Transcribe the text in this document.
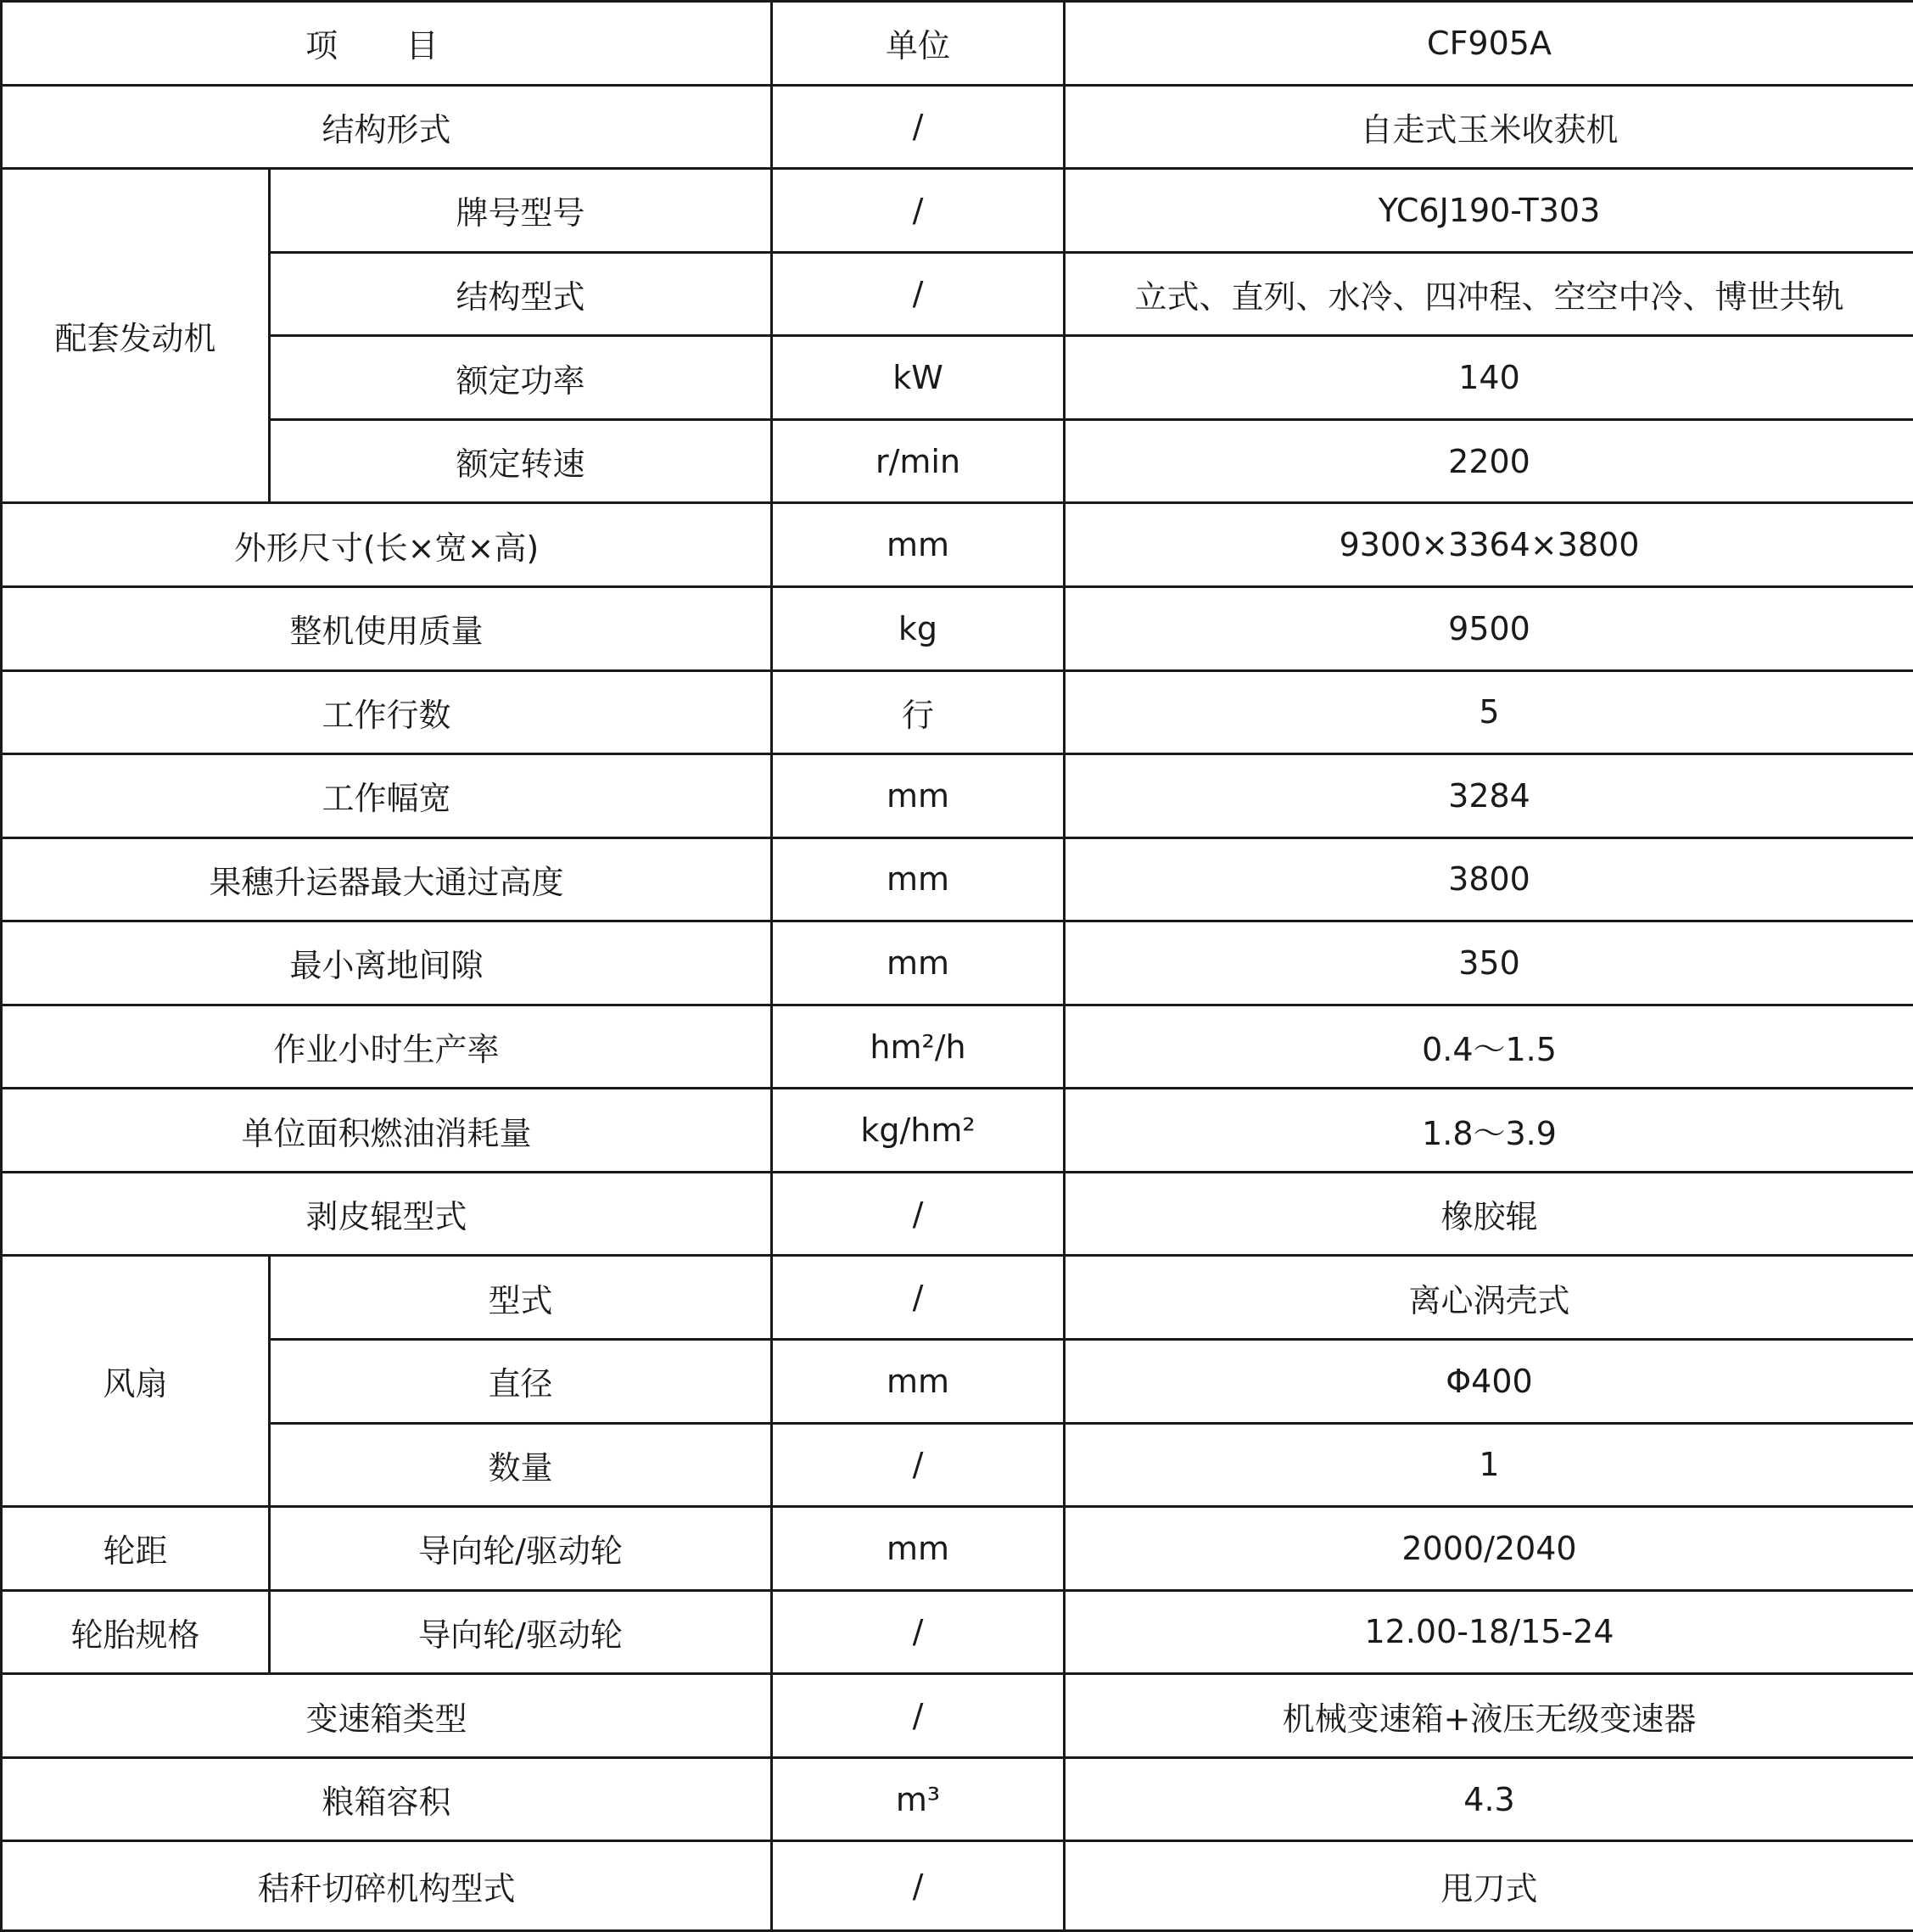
项 目		单位	CF905A
结构形式		/	自走式玉米收获机
配套发动机	牌号型号	/	YC6J190-T303
	结构型式	/	立式、直列、水冷、四冲程、空空中冷、博世共轨
	额定功率	kW	140
	额定转速	r/min	2200
外形尺寸(长×宽×高)		mm	9300×3364×3800
整机使用质量		kg	9500
工作行数		行	5
工作幅宽		mm	3284
果穗升运器最大通过高度		mm	3800
最小离地间隙		mm	350
作业小时生产率		hm²/h	0.4～1.5
单位面积燃油消耗量		kg/hm²	1.8～3.9
剥皮辊型式		/	橡胶辊
风扇	型式	/	离心涡壳式
	直径	mm	Φ400
	数量	/	1
轮距	导向轮/驱动轮	mm	2000/2040
轮胎规格	导向轮/驱动轮	/	12.00-18/15-24
变速箱类型		/	机械变速箱+液压无级变速器
粮箱容积		m³	4.3
秸秆切碎机构型式		/	甩刀式
